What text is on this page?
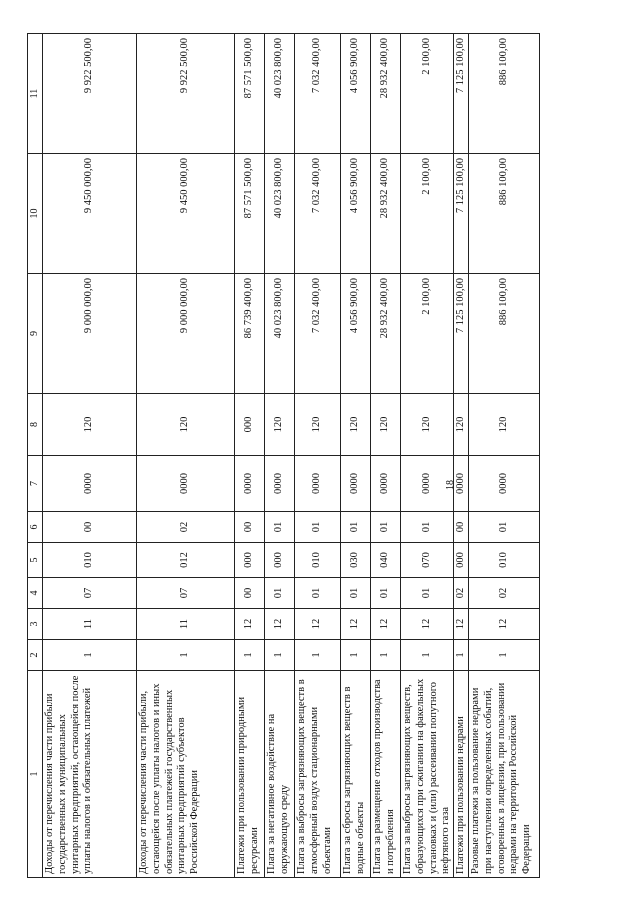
18
1	2	3	4	5	6	7	8	9	10	11
Доходы от перечисления части прибыли государственных и муниципальных унитарных предприятий, остающейся после уплаты налогов и обязательных платежей	1	11	07	010	00	0000	120	9 000 000,00	9 450 000,00	9 922 500,00
Доходы от перечисления части прибыли, остающейся после уплаты налогов и иных обязательных платежей государственных унитарных предприятий субъектов Российской Федерации	1	11	07	012	02	0000	120	9 000 000,00	9 450 000,00	9 922 500,00
Платежи при пользовании природными ресурсами	1	12	00	000	00	0000	000	86 739 400,00	87 571 500,00	87 571 500,00
Плата за негативное воздействие на окружающую среду	1	12	01	000	01	0000	120	40 023 800,00	40 023 800,00	40 023 800,00
Плата за выбросы загрязняющих веществ в атмосферный воздух стационарными объектами	1	12	01	010	01	0000	120	7 032 400,00	7 032 400,00	7 032 400,00
Плата за сбросы загрязняющих веществ в водные объекты	1	12	01	030	01	0000	120	4 056 900,00	4 056 900,00	4 056 900,00
Плата за размещение отходов производства и потребления	1	12	01	040	01	0000	120	28 932 400,00	28 932 400,00	28 932 400,00
Плата за выбросы загрязняющих веществ, образующихся при сжигании на факельных установках и (или) рассеивании попутного нефтяного газа	1	12	01	070	01	0000	120	2 100,00	2 100,00	2 100,00
Платежи при пользовании недрами	1	12	02	000	00	0000	120	7 125 100,00	7 125 100,00	7 125 100,00
Разовые платежи за пользование недрами при наступлении определенных событий, оговоренных в лицензии, при пользовании недрами на территории Российской Федерации	1	12	02	010	01	0000	120	886 100,00	886 100,00	886 100,00
